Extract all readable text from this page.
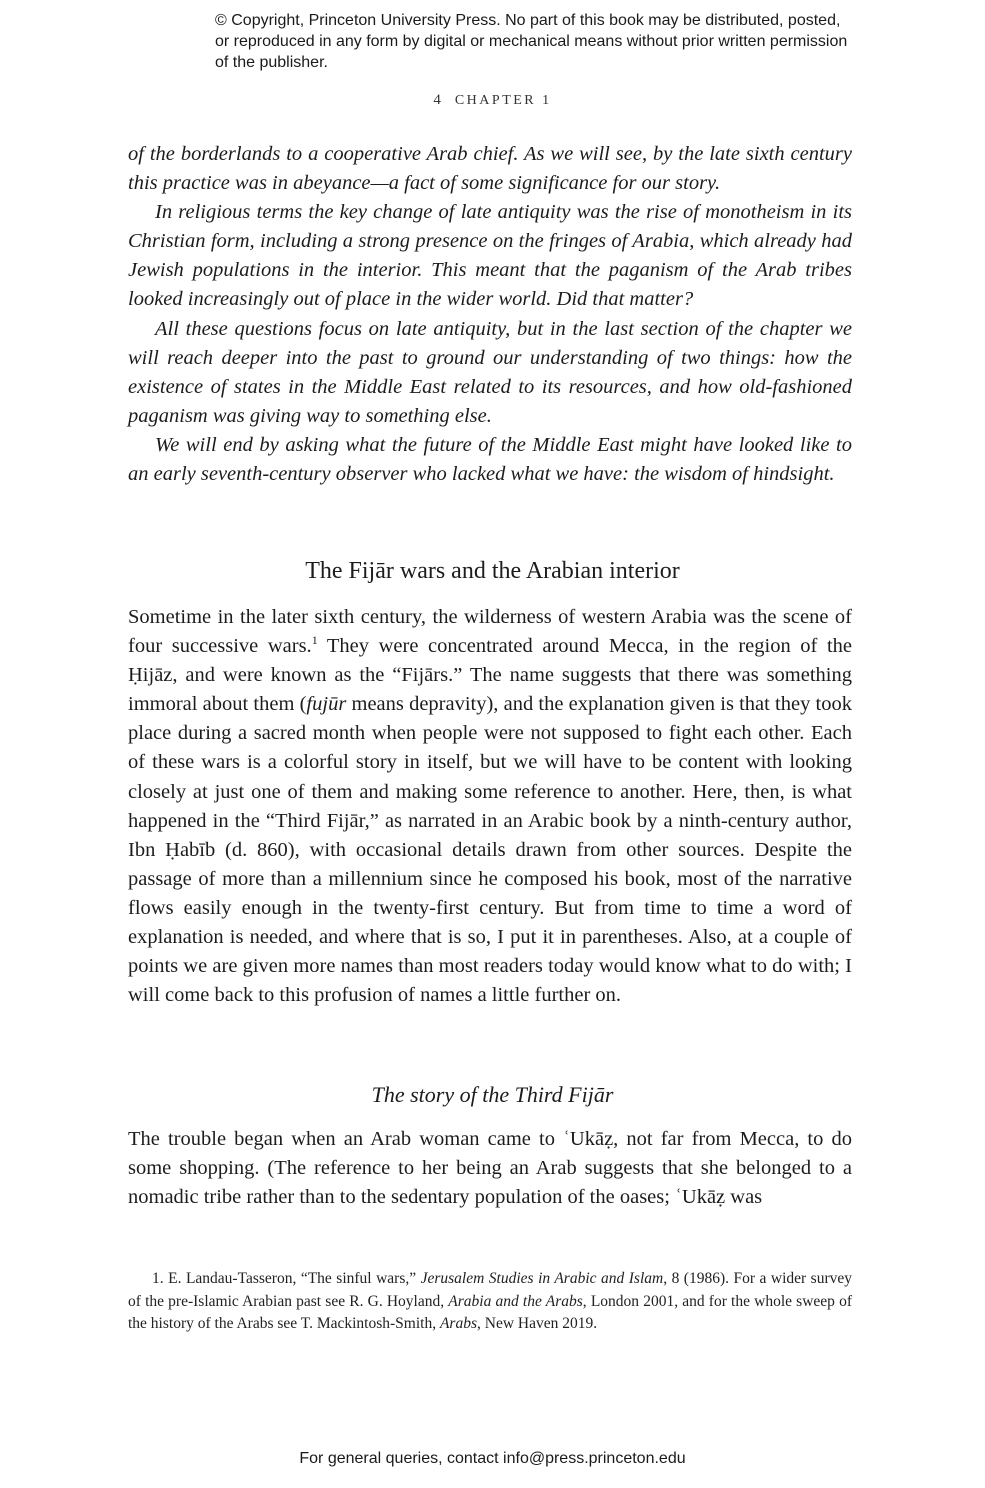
© Copyright, Princeton University Press. No part of this book may be distributed, posted, or reproduced in any form by digital or mechanical means without prior written permission of the publisher.
4 CHAPTER 1

of the borderlands to a cooperative Arab chief. As we will see, by the late sixth century this practice was in abeyance—a fact of some significance for our story.

In religious terms the key change of late antiquity was the rise of monotheism in its Christian form, including a strong presence on the fringes of Arabia, which already had Jewish populations in the interior. This meant that the paganism of the Arab tribes looked increasingly out of place in the wider world. Did that matter?

All these questions focus on late antiquity, but in the last section of the chapter we will reach deeper into the past to ground our understanding of two things: how the existence of states in the Middle East related to its resources, and how old-fashioned paganism was giving way to something else.

We will end by asking what the future of the Middle East might have looked like to an early seventh-century observer who lacked what we have: the wisdom of hindsight.

The Fijār wars and the Arabian interior

Sometime in the later sixth century, the wilderness of western Arabia was the scene of four successive wars.$^1$ They were concentrated around Mecca, in the region of the Ḥijāz, and were known as the “Fijārs.” The name suggests that there was something immoral about them (fujūr means depravity), and the explanation given is that they took place during a sacred month when people were not supposed to fight each other. Each of these wars is a colorful story in itself, but we will have to be content with looking closely at just one of them and making some reference to another. Here, then, is what happened in the “Third Fijār,” as narrated in an Arabic book by a ninth-century author, Ibn Ḥabīb (d. 860), with occasional details drawn from other sources. Despite the passage of more than a millennium since he composed his book, most of the narrative flows easily enough in the twenty-first century. But from time to time a word of explanation is needed, and where that is so, I put it in parentheses. Also, at a couple of points we are given more names than most readers today would know what to do with; I will come back to this profusion of names a little further on.

The story of the Third Fijār

The trouble began when an Arab woman came to ʿUkāẓ, not far from Mecca, to do some shopping. (The reference to her being an Arab suggests that she belonged to a nomadic tribe rather than to the sedentary population of the oases; ʿUkāẓ was

1. E. Landau-Tasseron, “The sinful wars,” Jerusalem Studies in Arabic and Islam, 8 (1986). For a wider survey of the pre-Islamic Arabian past see R. G. Hoyland, Arabia and the Arabs, London 2001, and for the whole sweep of the history of the Arabs see T. Mackintosh-Smith, Arabs, New Haven 2019.

For general queries, contact info@press.princeton.edu
